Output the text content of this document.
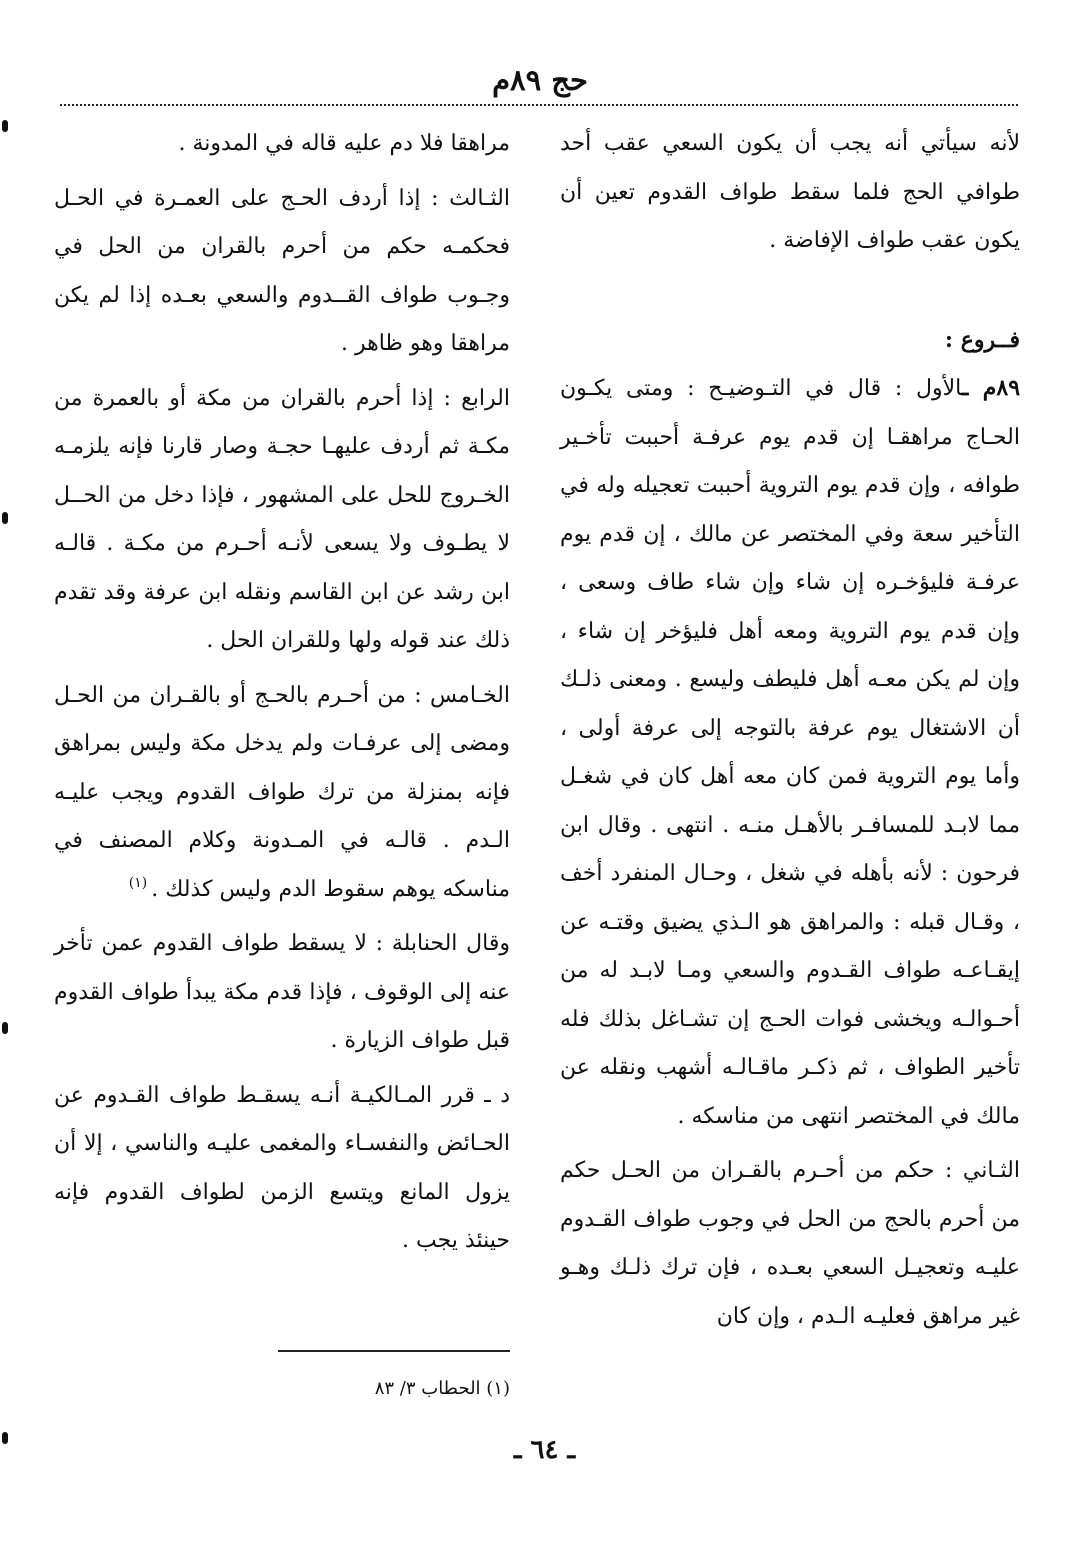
حج ٨٩م

لأنه سيأتي أنه يجب أن يكون السعي عقب أحد طوافي الحج فلما سقط طواف القدوم تعين أن يكون عقب طواف الإفاضة .

فــروع :

٨٩م ـالأول : قال في التـوضيـح : ومتى يكـون الحـاج مراهقـا إن قدم يوم عرفـة أحببت تأخـير طوافه ، وإن قدم يوم التروية أحببت تعجيله وله في التأخير سعة وفي المختصر عن مالك ، إن قدم يوم عرفـة فليؤخـره إن شاء وإن شاء طاف وسعى ، وإن قدم يوم التروية ومعه أهل فليؤخر إن شاء ، وإن لم يكن معـه أهل فليطف وليسع . ومعنى ذلـك أن الاشتغال يوم عرفة بالتوجه إلى عرفة أولى ، وأما يوم التروية فمن كان معه أهل كان في شغـل مما لابـد للمسافـر بالأهـل منـه . انتهى . وقال ابن فرحون : لأنه بأهله في شغل ، وحـال المنفرد أخف ، وقـال قبله : والمراهق هو الـذي يضيق وقتـه عن إيقـاعـه طواف القـدوم والسعي ومـا لابـد له من أحـوالـه ويخشى فوات الحـج إن تشـاغل بذلك فله تأخير الطواف ، ثم ذكـر ماقـالـه أشهب ونقله عن مالك في المختصر انتهى من مناسكه .

الثـاني : حكم من أحـرم بالقـران من الحـل حكم من أحرم بالحج من الحل في وجوب طواف القـدوم عليـه وتعجيـل السعي بعـده ، فإن ترك ذلـك وهـو غير مراهق فعليـه الـدم ، وإن كان

مراهقا فلا دم عليه قاله في المدونة .

الثـالث : إذا أردف الحـج على العمـرة في الحـل فحكمـه حكم من أحرم بالقران من الحل في وجـوب طواف القــدوم والسعي بعـده إذا لم يكن مراهقا وهو ظاهر .

الرابع : إذا أحرم بالقران من مكة أو بالعمرة من مكـة ثم أردف عليهـا حجـة وصار قارنا فإنه يلزمـه الخـروج للحل على المشهور ، فإذا دخل من الحــل لا يطـوف ولا يسعى لأنـه أحـرم من مكـة . قالـه ابن رشد عن ابن القاسم ونقله ابن عرفة وقد تقدم ذلك عند قوله ولها وللقران الحل .

الخـامس : من أحـرم بالحـج أو بالقـران من الحـل ومضى إلى عرفـات ولم يدخل مكة وليس بمراهق فإنه بمنزلة من ترك طواف القدوم ويجب عليـه الـدم . قالـه في المـدونة وكلام المصنف في مناسكه يوهم سقوط الدم وليس كذلك .$^{(١)}$

وقال الحنابلة : لا يسقط طواف القدوم عمن تأخر عنه إلى الوقوف ، فإذا قدم مكة يبدأ طواف القدوم قبل طواف الزيارة .

د ـ قرر المـالكيـة أنـه يسقـط طواف القـدوم عن الحـائض والنفسـاء والمغمى عليـه والناسي ، إلا أن يزول المانع ويتسع الزمن لطواف القدوم فإنه حينئذ يجب .

(١) الحطاب ٣/ ٨٣
ـ ٦٤ ـ
